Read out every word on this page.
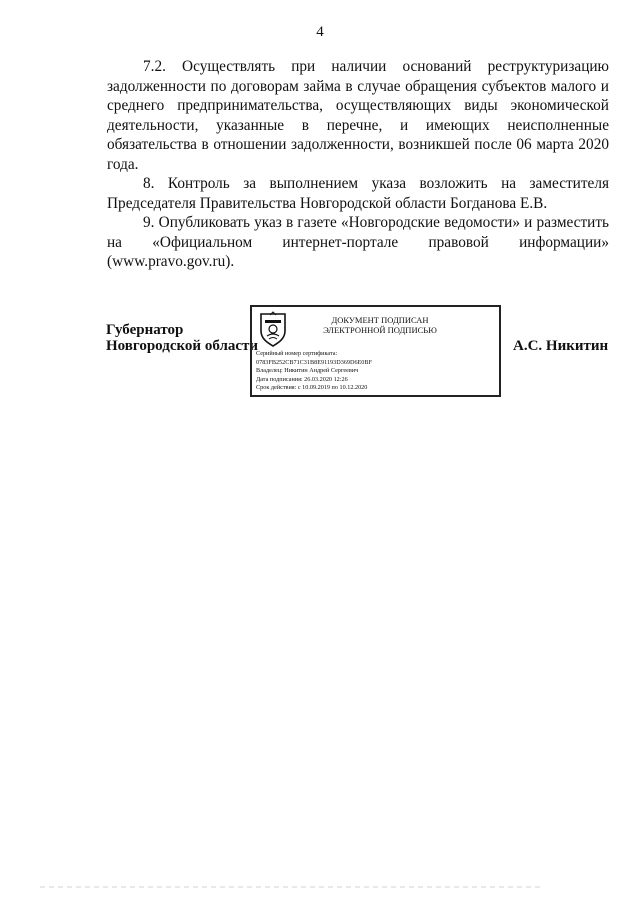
4

7.2. Осуществлять при наличии оснований реструктуризацию задолженности по договорам займа в случае обращения субъектов малого и среднего предпринимательства, осуществляющих виды экономической деятельности, указанные в перечне, и имеющих неисполненные обязательства в отношении задолженности, возникшей после 06 марта 2020 года.

8. Контроль за выполнением указа возложить на заместителя Председателя Правительства Новгородской области Богданова Е.В.

9. Опубликовать указ в газете «Новгородские ведомости» и разместить на «Официальном интернет-портале правовой информации» (www.pravo.gov.ru).

Губернатор
Новгородской области
ДОКУМЕНТ ПОДПИСАН
ЭЛЕКТРОННОЙ ПОДПИСЬЮ
Серийный номер сертификата:
0783FB252CB71C31B8E91193D369D6E0BF
Владелец: Никитин Андрей Сергеевич
Дата подписания: 26.03.2020 12:26
Срок действия: с 10.09.2019 по 10.12.2020
А.С. Никитин
